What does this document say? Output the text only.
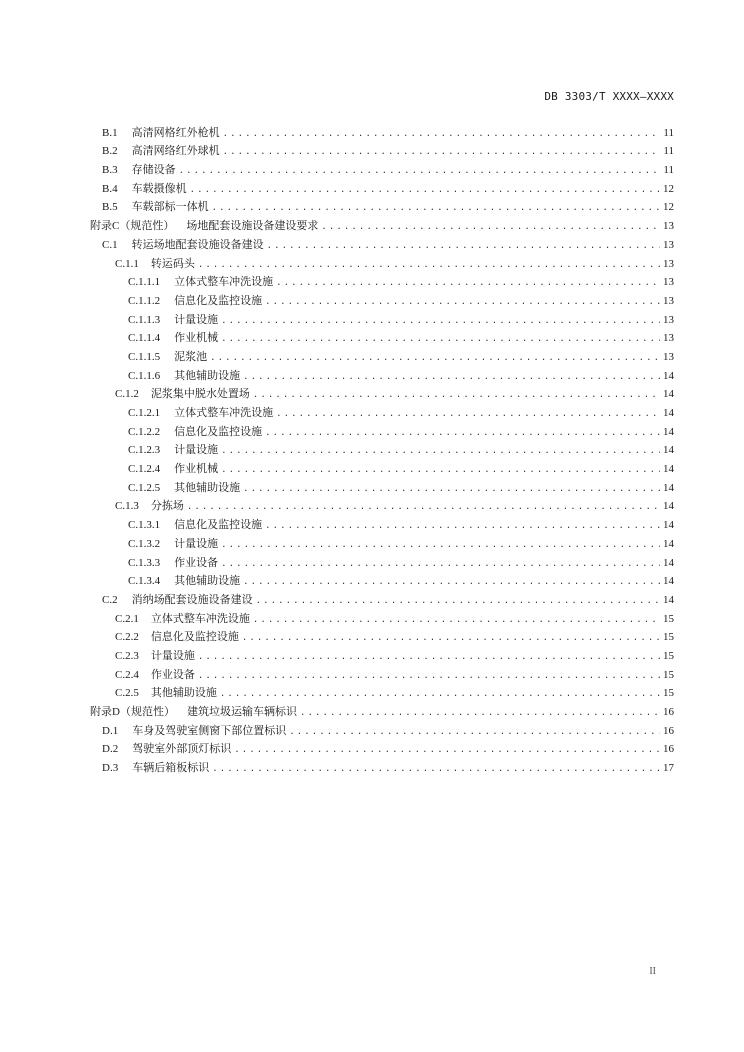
DB 3303/T XXXX—XXXX
B.1	高清网格红外枪机 .....	11
B.2	高清网络红外球机 .....	11
B.3	存储设备 .....	11
B.4	车载摄像机 .....	12
B.5	车载部标一体机 .....	12
附录C（规范性）	场地配套设施设备建设要求 .....	13
C.1	转运场地配套设施设备建设 .....	13
C.1.1	转运码头 .....	13
C.1.1.1	立体式整车冲洗设施 .....	13
C.1.1.2	信息化及监控设施 .....	13
C.1.1.3	计量设施 .....	13
C.1.1.4	作业机械 .....	13
C.1.1.5	泥浆池 .....	13
C.1.1.6	其他辅助设施 .....	14
C.1.2	泥浆集中脱水处置场 .....	14
C.1.2.1	立体式整车冲洗设施 .....	14
C.1.2.2	信息化及监控设施 .....	14
C.1.2.3	计量设施 .....	14
C.1.2.4	作业机械 .....	14
C.1.2.5	其他辅助设施 .....	14
C.1.3	分拣场 .....	14
C.1.3.1	信息化及监控设施 .....	14
C.1.3.2	计量设施 .....	14
C.1.3.3	作业设备 .....	14
C.1.3.4	其他辅助设施 .....	14
C.2	消纳场配套设施设备建设 .....	14
C.2.1	立体式整车冲洗设施 .....	15
C.2.2	信息化及监控设施 .....	15
C.2.3	计量设施 .....	15
C.2.4	作业设备 .....	15
C.2.5	其他辅助设施 .....	15
附录D（规范性）	建筑垃圾运输车辆标识 .....	16
D.1	车身及驾驶室侧窗下部位置标识 .....	16
D.2	驾驶室外部顶灯标识 .....	16
D.3	车辆后箱板标识 .....	17
II
